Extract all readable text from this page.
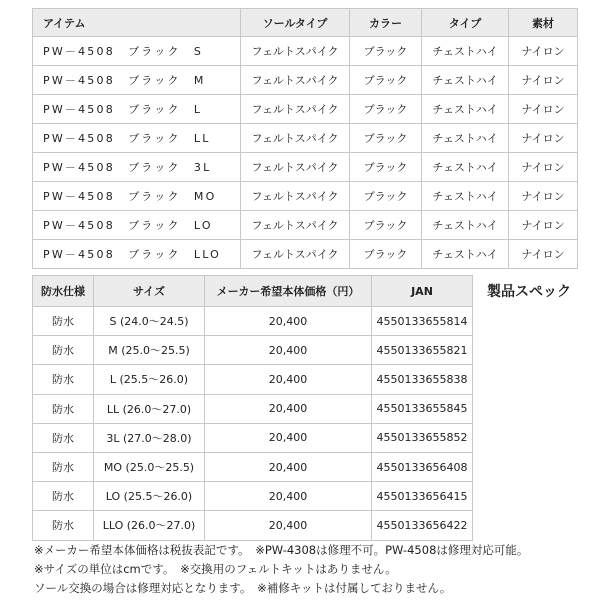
アイテム	ソールタイプ	カラー	タイプ	素材
PW－4508　ブラック　S	フェルトスパイク	ブラック	チェストハイ	ナイロン
PW－4508　ブラック　M	フェルトスパイク	ブラック	チェストハイ	ナイロン
PW－4508　ブラック　L	フェルトスパイク	ブラック	チェストハイ	ナイロン
PW－4508　ブラック　LL	フェルトスパイク	ブラック	チェストハイ	ナイロン
PW－4508　ブラック　3L	フェルトスパイク	ブラック	チェストハイ	ナイロン
PW－4508　ブラック　MO	フェルトスパイク	ブラック	チェストハイ	ナイロン
PW－4508　ブラック　LO	フェルトスパイク	ブラック	チェストハイ	ナイロン
PW－4508　ブラック　LLO	フェルトスパイク	ブラック	チェストハイ	ナイロン
製品スペック
防水仕様	サイズ	メーカー希望本体価格（円）	JAN
防水	S (24.0～24.5)	20,400	4550133655814
防水	M (25.0～25.5)	20,400	4550133655821
防水	L (25.5～26.0)	20,400	4550133655838
防水	LL (26.0～27.0)	20,400	4550133655845
防水	3L (27.0～28.0)	20,400	4550133655852
防水	MO (25.0～25.5)	20,400	4550133656408
防水	LO (25.5～26.0)	20,400	4550133656415
防水	LLO (26.0～27.0)	20,400	4550133656422
※メーカー希望本体価格は税抜表記です。　※PW-4308は修理不可。PW-4508は修理対応可能。
※サイズの単位はcmです。　※交換用のフェルトキットはありません。
ソール交換の場合は修理対応となります。　※補修キットは付属しておりません。
